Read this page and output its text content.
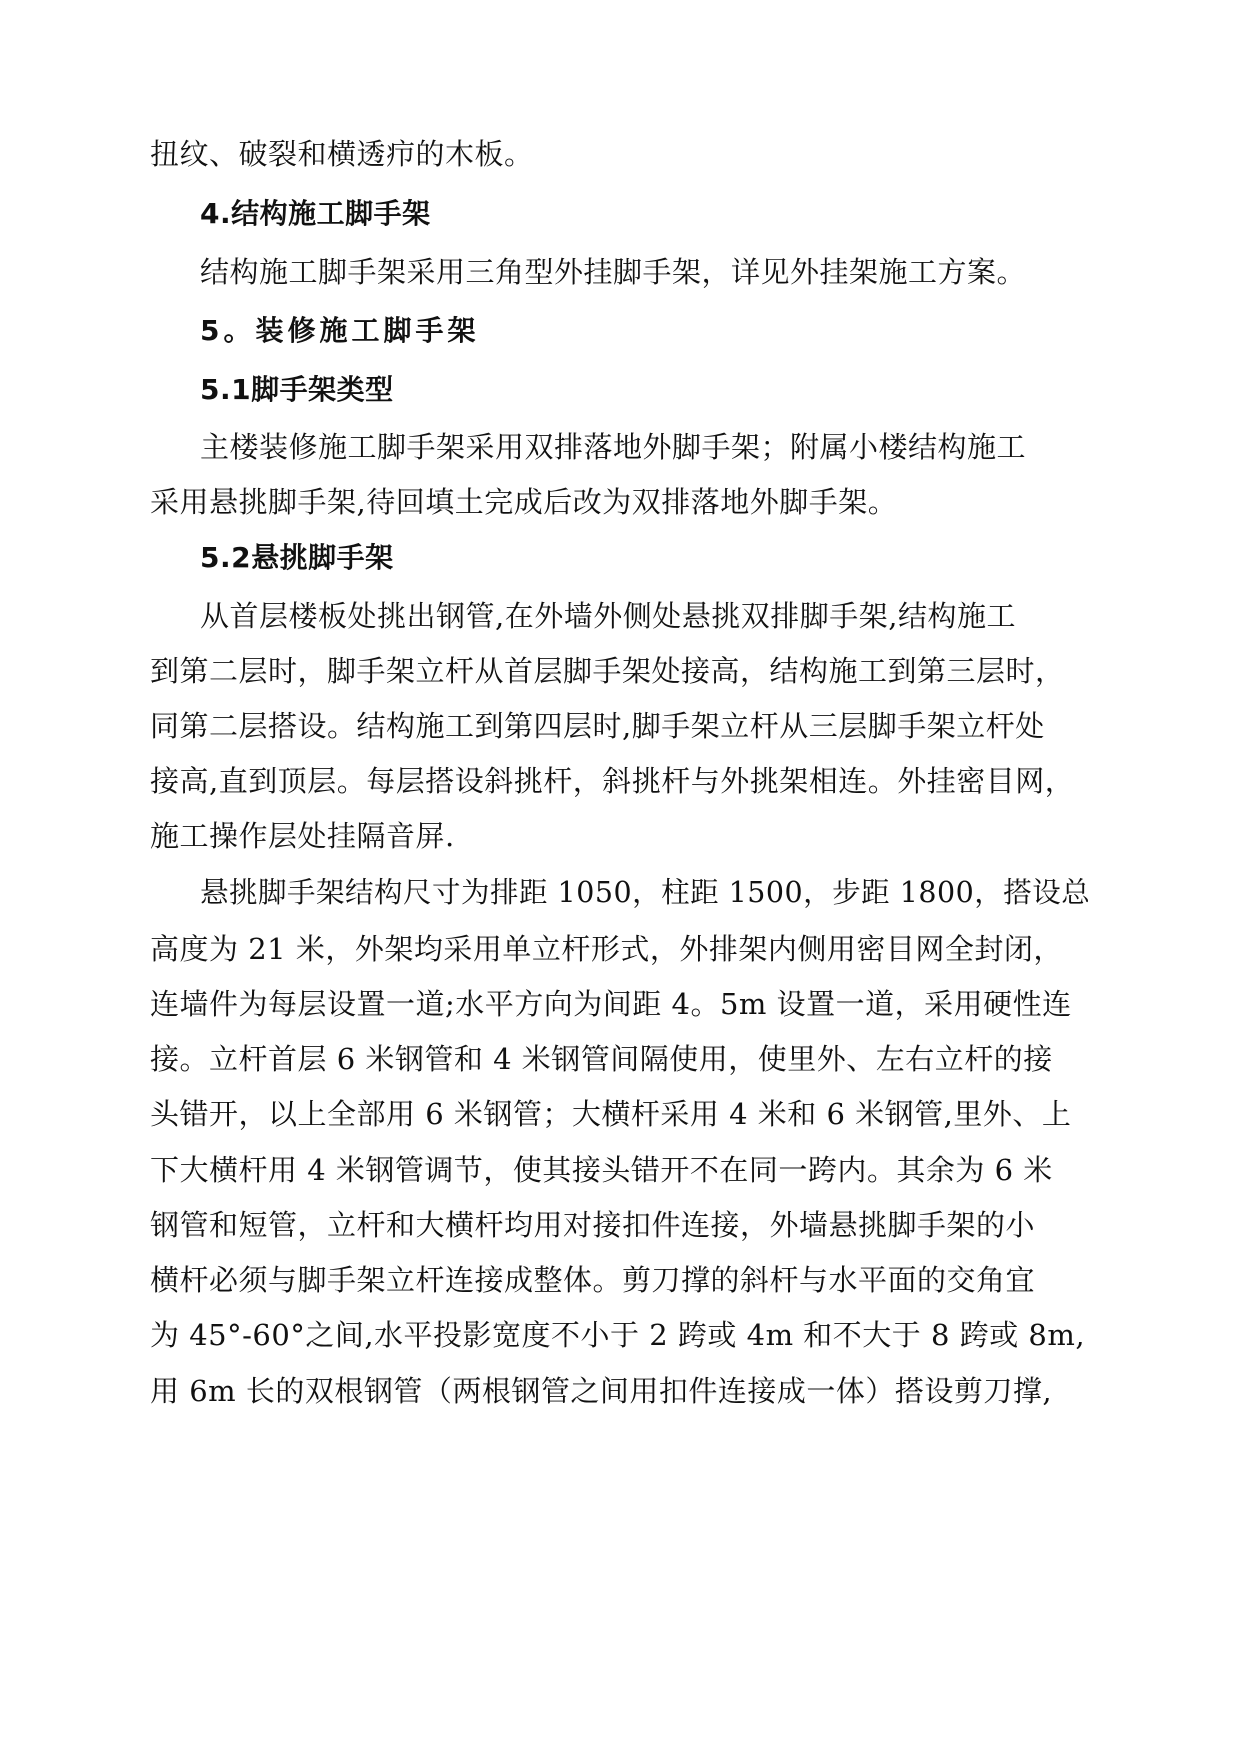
扭纹、破裂和横透疖的木板。
4.结构施工脚手架
结构施工脚手架采用三角型外挂脚手架，详见外挂架施工方案。
5。装修施工脚手架
5.1脚手架类型
主楼装修施工脚手架采用双排落地外脚手架；附属小楼结构施工
采用悬挑脚手架,待回填土完成后改为双排落地外脚手架。
5.2悬挑脚手架
从首层楼板处挑出钢管,在外墙外侧处悬挑双排脚手架,结构施工
到第二层时，脚手架立杆从首层脚手架处接高，结构施工到第三层时，
同第二层搭设。结构施工到第四层时,脚手架立杆从三层脚手架立杆处
接高,直到顶层。每层搭设斜挑杆，斜挑杆与外挑架相连。外挂密目网，
施工操作层处挂隔音屏.
悬挑脚手架结构尺寸为排距 1050，柱距 1500，步距 1800，搭设总
高度为 21 米，外架均采用单立杆形式，外排架内侧用密目网全封闭，
连墙件为每层设置一道;水平方向为间距 4。5m 设置一道，采用硬性连
接。立杆首层 6 米钢管和 4 米钢管间隔使用，使里外、左右立杆的接
头错开，以上全部用 6 米钢管；大横杆采用 4 米和 6 米钢管,里外、上
下大横杆用 4 米钢管调节，使其接头错开不在同一跨内。其余为 6 米
钢管和短管，立杆和大横杆均用对接扣件连接，外墙悬挑脚手架的小
横杆必须与脚手架立杆连接成整体。剪刀撑的斜杆与水平面的交角宜
为 45°-60°之间,水平投影宽度不小于 2 跨或 4m 和不大于 8 跨或 8m,
用 6m 长的双根钢管（两根钢管之间用扣件连接成一体）搭设剪刀撑,
